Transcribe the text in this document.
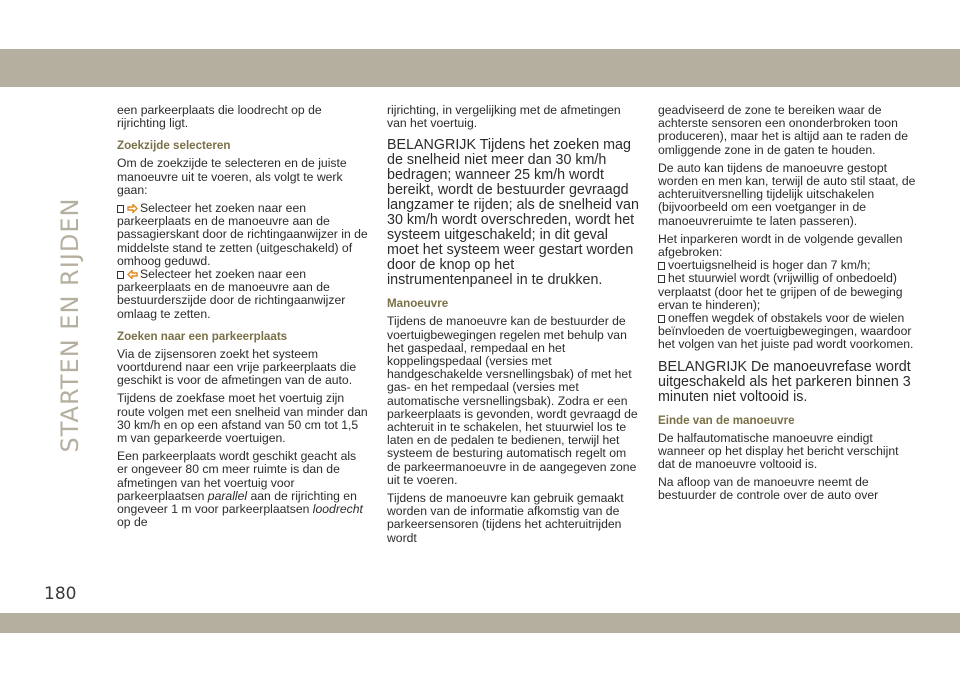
STARTEN EN RIJDEN
180

een parkeerplaats die loodrecht op de rijrichting ligt.

Zoekzijde selecteren

Om de zoekzijde te selecteren en de juiste manoeuvre uit te voeren, als volgt te werk gaan:

Selecteer het zoeken naar een parkeerplaats en de manoeuvre aan de passagierskant door de richtingaanwijzer in de middelste stand te zetten (uitgeschakeld) of omhoog geduwd.

Selecteer het zoeken naar een parkeerplaats en de manoeuvre aan de bestuurderszijde door de richtingaanwijzer omlaag te zetten.

Zoeken naar een parkeerplaats

Via de zijsensoren zoekt het systeem voortdurend naar een vrije parkeerplaats die geschikt is voor de afmetingen van de auto.

Tijdens de zoekfase moet het voertuig zijn route volgen met een snelheid van minder dan 30 km/h en op een afstand van 50 cm tot 1,5 m van geparkeerde voertuigen.

Een parkeerplaats wordt geschikt geacht als er ongeveer 80 cm meer ruimte is dan de afmetingen van het voertuig voor parkeerplaatsen parallel aan de rijrichting en ongeveer 1 m voor parkeerplaatsen loodrecht op de

rijrichting, in vergelijking met de afmetingen van het voertuig.

BELANGRIJK Tijdens het zoeken mag de snelheid niet meer dan 30 km/h bedragen; wanneer 25 km/h wordt bereikt, wordt de bestuurder gevraagd langzamer te rijden; als de snelheid van 30 km/h wordt overschreden, wordt het systeem uitgeschakeld; in dit geval moet het systeem weer gestart worden door de knop op het instrumentenpaneel in te drukken.

Manoeuvre

Tijdens de manoeuvre kan de bestuurder de voertuigbewegingen regelen met behulp van het gaspedaal, rempedaal en het koppelingspedaal (versies met handgeschakelde versnellingsbak) of met het gas- en het rempedaal (versies met automatische versnellingsbak). Zodra er een parkeerplaats is gevonden, wordt gevraagd de achteruit in te schakelen, het stuurwiel los te laten en de pedalen te bedienen, terwijl het systeem de besturing automatisch regelt om de parkeermanoeuvre in de aangegeven zone uit te voeren.

Tijdens de manoeuvre kan gebruik gemaakt worden van de informatie afkomstig van de parkeersensoren (tijdens het achteruitrijden wordt

geadviseerd de zone te bereiken waar de achterste sensoren een ononderbroken toon produceren), maar het is altijd aan te raden de omliggende zone in de gaten te houden.

De auto kan tijdens de manoeuvre gestopt worden en men kan, terwijl de auto stil staat, de achteruitversnelling tijdelijk uitschakelen (bijvoorbeeld om een voetganger in de manoeuvreruimte te laten passeren).

Het inparkeren wordt in de volgende gevallen afgebroken:

voertuigsnelheid is hoger dan 7 km/h;

het stuurwiel wordt (vrijwillig of onbedoeld) verplaatst (door het te grijpen of de beweging ervan te hinderen);

oneffen wegdek of obstakels voor de wielen beïnvloeden de voertuigbewegingen, waardoor het volgen van het juiste pad wordt voorkomen.

BELANGRIJK De manoeuvrefase wordt uitgeschakeld als het parkeren binnen 3 minuten niet voltooid is.

Einde van de manoeuvre

De halfautomatische manoeuvre eindigt wanneer op het display het bericht verschijnt dat de manoeuvre voltooid is.

Na afloop van de manoeuvre neemt de bestuurder de controle over de auto over
